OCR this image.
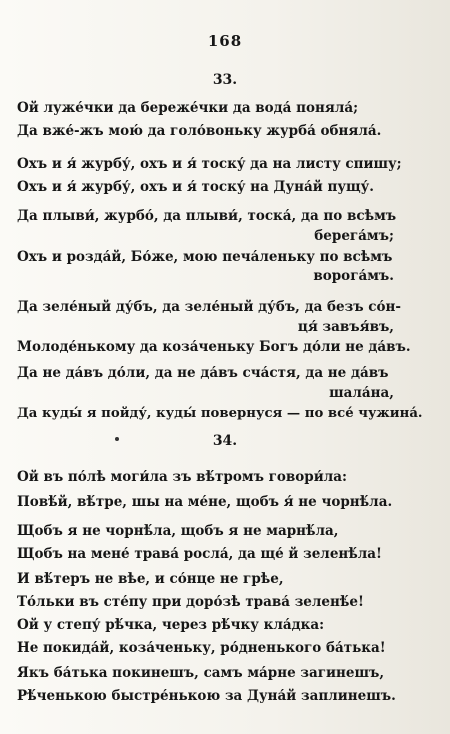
168
33.
Ой луже́чки да береже́чки да вода́ поняла́;
Да вже́-жъ мою́ да голо́воньку журба́ обняла́.
Охъ и я́ журбу́, охъ и я́ тоску́ да на листу спишу;
Охъ и я́ журбу́, охъ и я́ тоску́ на Дуна́й пущу́.
Да плыви́, журбо́, да плыви́, тоска́, да по всѣмъ
берега́мъ;
Охъ и розда́й, Бо́же, мою печа́леньку по всѣмъ
ворога́мъ.
Да зеле́ный ду́бъ, да зеле́ный ду́бъ, да безъ со́н-
ця́ завъя́въ,
Молоде́нькому да коза́ченьку Богъ до́ли не да́въ.
Да не да́въ до́ли, да не да́въ сча́стя, да не да́въ
шала́на,
Да куды́ я пойду́, куды́ повернуся — по все́ чужина́.
34.
Ой въ по́лѣ моги́ла зъ вѣ́тромъ говори́ла:
Повѣ́й, вѣ́тре, шы на ме́не, щобъ я́ не чорнѣ́ла.
Щобъ я не чорнѣ́ла, щобъ я не марнѣ́ла,
Щобъ на мене́ трава́ росла́, да ще́ й зеленѣ́ла!
И вѣ́теръ не вѣе, и со́нце не грѣе,
То́льки въ сте́пу при доро́зѣ трава́ зеленѣ́е!
Ой у степу́ рѣ́чка, через рѣ́чку кла́дка:
Не покида́й, коза́ченьку, ро́дненького ба́тька!
Якъ ба́тька покинешъ, самъ ма́рне загинешъ,
Рѣ́ченькою быстре́нькою за Дуна́й заплинешъ.
